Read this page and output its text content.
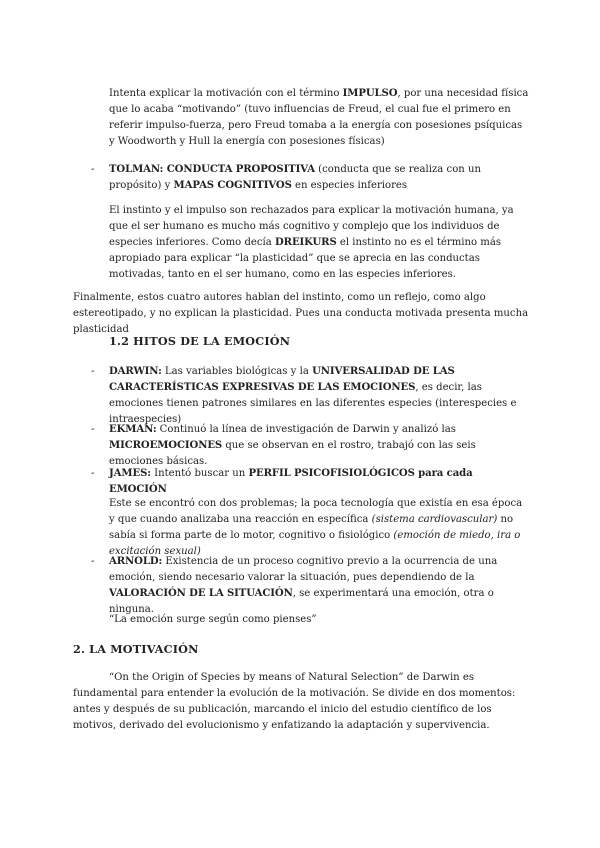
Intenta explicar la motivación con el término IMPULSO, por una necesidad física que lo acaba “motivando” (tuvo influencias de Freud, el cual fue el primero en referir impulso-fuerza, pero Freud tomaba a la energía con posesiones psíquicas y Woodworth y Hull la energía con posesiones físicas)

- TOLMAN: CONDUCTA PROPOSITIVA (conducta que se realiza con un propósito) y MAPAS COGNITIVOS en especies inferiores

El instinto y el impulso son rechazados para explicar la motivación humana, ya que el ser humano es mucho más cognitivo y complejo que los individuos de especies inferiores. Como decía DREIKURS el instinto no es el término más apropiado para explicar “la plasticidad” que se aprecia en las conductas motivadas, tanto en el ser humano, como en las especies inferiores.

Finalmente, estos cuatro autores hablan del instinto, como un reflejo, como algo estereotipado, y no explican la plasticidad. Pues una conducta motivada presenta mucha plasticidad

1.2 HITOS DE LA EMOCIÓN
- DARWIN: Las variables biológicas y la UNIVERSALIDAD DE LAS CARACTERÍSTICAS EXPRESIVAS DE LAS EMOCIONES, es decir, las emociones tienen patrones similares en las diferentes especies (interespecies e intraespecies)

- EKMAN: Continuó la línea de investigación de Darwin y analizó las MICROEMOCIONES que se observan en el rostro, trabajó con las seis emociones básicas.

- JAMES: Intentó buscar un PERFIL PSICOFISIOLÓGICOS para cada EMOCIÓN

Este se encontró con dos problemas; la poca tecnología que existía en esa época y que cuando analizaba una reacción en específica (sistema cardiovascular) no sabía si forma parte de lo motor, cognitivo o fisiológico (emoción de miedo, ira o excitación sexual)

- ARNOLD: Existencia de un proceso cognitivo previo a la ocurrencia de una emoción, siendo necesario valorar la situación, pues dependiendo de la VALORACIÓN DE LA SITUACIÓN, se experimentará una emoción, otra o ninguna.

“La emoción surge según como pienses”

2. LA MOTIVACIÓN

“On the Origin of Species by means of Natural Selection” de Darwin es fundamental para entender la evolución de la motivación. Se divide en dos momentos: antes y después de su publicación, marcando el inicio del estudio científico de los motivos, derivado del evolucionismo y enfatizando la adaptación y supervivencia.
